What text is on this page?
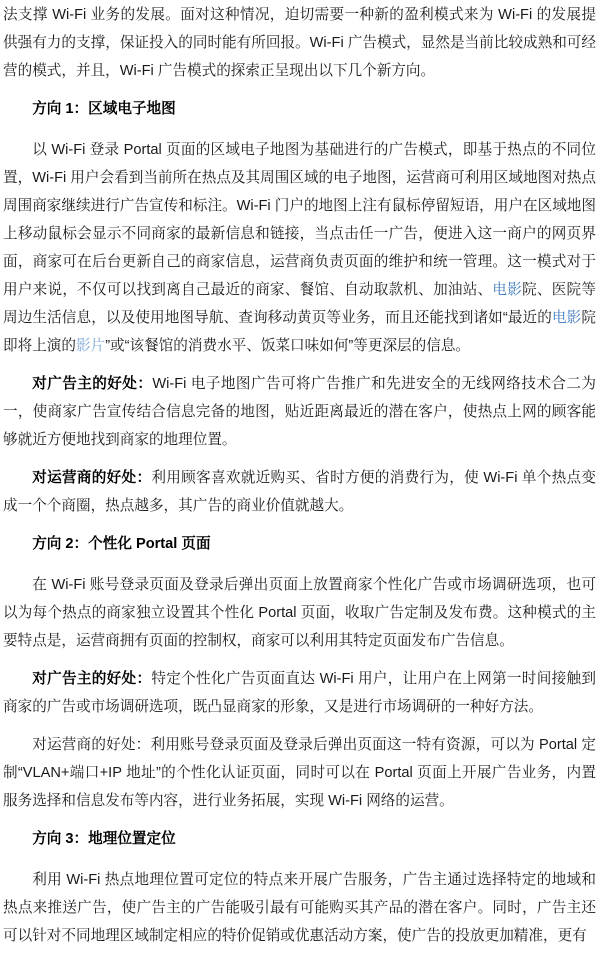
法支撑 Wi-Fi 业务的发展。面对这种情况，迫切需要一种新的盈利模式来为 Wi-Fi 的发展提供强有力的支撑，保证投入的同时能有所回报。Wi-Fi 广告模式，显然是当前比较成熟和可经营的模式，并且，Wi-Fi 广告模式的探索正呈现出以下几个新方向。
方向 1：区域电子地图
以 Wi-Fi 登录 Portal 页面的区域电子地图为基础进行的广告模式，即基于热点的不同位置，Wi-Fi 用户会看到当前所在热点及其周围区域的电子地图，运营商可利用区域地图对热点周围商家继续进行广告宣传和标注。Wi-Fi 门户的地图上注有鼠标停留短语，用户在区域地图上移动鼠标会显示不同商家的最新信息和链接，当点击任一广告，便进入这一商户的网页界面，商家可在后台更新自己的商家信息，运营商负责页面的维护和统一管理。这一模式对于用户来说，不仅可以找到离自己最近的商家、餐馆、自动取款机、加油站、电影院、医院等周边生活信息，以及使用地图导航、查询移动黄页等业务，而且还能找到诸如“最近的电影院即将上演的影片”或“该餐馆的消费水平、饭菜口味如何”等更深层的信息。
对广告主的好处：Wi-Fi 电子地图广告可将广告推广和先进安全的无线网络技术合二为一，使商家广告宣传结合信息完备的地图，贴近距离最近的潜在客户，使热点上网的顾客能够就近方便地找到商家的地理位置。
对运营商的好处：利用顾客喜欢就近购买、省时方便的消费行为，使 Wi-Fi 单个热点变成一个个商圈，热点越多，其广告的商业价值就越大。
方向 2：个性化 Portal 页面
在 Wi-Fi 账号登录页面及登录后弹出页面上放置商家个性化广告或市场调研选项，也可以为每个热点的商家独立设置其个性化 Portal 页面，收取广告定制及发布费。这种模式的主要特点是，运营商拥有页面的控制权，商家可以利用其特定页面发布广告信息。
对广告主的好处：特定个性化广告页面直达 Wi-Fi 用户，让用户在上网第一时间接触到商家的广告或市场调研选项，既凸显商家的形象，又是进行市场调研的一种好方法。
对运营商的好处：利用账号登录页面及登录后弹出页面这一特有资源，可以为 Portal 定制“VLAN+端口+IP 地址”的个性化认证页面，同时可以在 Portal 页面上开展广告业务，内置服务选择和信息发布等内容，进行业务拓展，实现 Wi-Fi 网络的运营。
方向 3：地理位置定位
利用 Wi-Fi 热点地理位置可定位的特点来开展广告服务，广告主通过选择特定的地域和热点来推送广告，使广告主的广告能吸引最有可能购买其产品的潜在客户。同时，广告主还可以针对不同地理区域制定相应的特价促销或优惠活动方案，使广告的投放更加精准，更有
